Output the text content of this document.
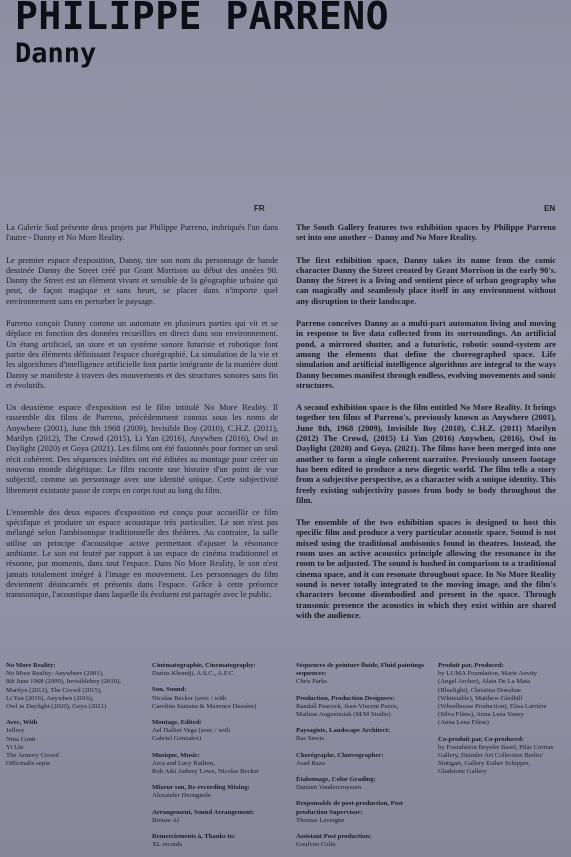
PHILIPPE PARRENO
Danny
FR	EN

La Galerie Sud présente deux projets par Philippe Parreno, imbriqués l'un dans l'autre - Danny et No More Reality.

Le premier espace d'exposition, Danny, tire son nom du personnage de bande dessinée Danny the Street créé par Grant Morrison au début des années 90. Danny the Street est un élément vivant et sensible de la géographie urbaine qui peut, de façon magique et sans heurt, se placer dans n'importe quel environnement sans en perturber le paysage.

Parreno conçoit Danny comme un automate en plusieurs parties qui vit et se déplace en fonction des données recueillies en direct dans son environnement. Un étang artificiel, un store et un système sonore futuriste et robotique font partie des éléments définissant l'espace chorégraphié. La simulation de la vie et les algorithmes d'intelligence artificielle font partie intégrante de la manière dont Danny se manifeste à travers des mouvements et des structures sonores sans fin et évolutifs.

Un deuxième espace d'exposition est le film intitulé No More Reality. Il rassemble dix films de Parreno, précédemment connus sous les noms de Anywhere (2001), June 8th 1968 (2009), Invisible Boy (2010), C.H.Z. (2011), Marilyn (2012), The Crowd (2015), Li Yan (2016), Anywhen (2016), Owl in Daylight (2020) et Goya (2021). Les films ont été fusionnés pour former un seul récit cohérent. Des séquences inédites ont été éditées au montage pour créer un nouveau monde diégétique. Le film raconte une histoire d'un point de vue subjectif, comme un personnage avec une identité unique. Cette subjectivité librement existante passe de corps en corps tout au long du film.

L'ensemble des deux espaces d'exposition est conçu pour accueillir ce film spécifique et produire un espace acoustique très particulier. Le son n'est pas mélangé selon l'ambisonique traditionnelle des théâtres. Au contraire, la salle utilise un principe d'acoustique active permettant d'ajuster la résonance ambiante. Le son est feutré par rapport à un espace de cinéma traditionnel et résonne, par moments, dans tout l'espace. Dans No More Reality, le son n'est jamais totalement intégré à l'image en mouvement. Les personnages du film deviennent désincarnés et présents dans l'espace. Grâce à cette présence transsonique, l'acoustique dans laquelle ils évoluent est partagée avec le public.

The South Gallery features two exhibition spaces by Philippe Parreno set into one another – Danny and No More Reality.

The first exhibition space, Danny takes its name from the comic character Danny the Street created by Grant Morrison in the early 90's. Danny the Street is a living and sentient piece of urban geography who can magically and seamlessly place itself in any environment without any disruption to their landscape.

Parreno conceives Danny as a multi-part automaton living and moving in response to live data collected from its surroundings. An artificial pond, a mirrored shutter, and a futuristic, robotic sound-system are among the elements that define the choreographed space. Life simulation and artificial intelligence algorithms are integral to the ways Danny becomes manifest through endless, evolving movements and sonic structures.

A second exhibition space is the film entitled No More Reality. It brings together ten films of Parreno's, previously known as Anywhere (2001), June 8th, 1968 (2009), Invisible Boy (2010), C.H.Z. (2011) Marilyn (2012) The Crowd, (2015) Li Yan (2016) Anywhen, (2016), Owl in Daylight (2020) and Goya, (2021). The films have been merged into one another to form a single coherent narrative. Previously unseen footage has been edited to produce a new diegetic world. The film tells a story from a subjective perspective, as a character with a unique identity. This freely existing subjectivity passes from body to body throughout the film.

The ensemble of the two exhibition spaces is designed to host this specific film and produce a very particular acoustic space. Sound is not mixed using the traditional ambisonics found in theatres. Instead, the room uses an active acoustics principle allowing the resonance in the room to be adjusted. The sound is hushed in comparison to a traditional cinema space, and it can resonate throughout space. In No More Reality sound is never totally integrated to the moving image, and the film's characters become disembodied and present in the space. Through transonic presence the acoustics in which they exist within are shared with the audience.

No More Reality:
No More Reality: Anywhere (2001),
8th June 1968 (2009), Invisibleboy (2010),
Marilyn (2012), The Crowd (2015),
Li Yan (2016), Anywhen (2016),
Owl in Daylight (2020), Goya (2021)
Avec, With
Jeffrey
Nina Conti
Yi Liu
The Armory Crowd
Officinalis sepia
Cinématographie, Cinematography:
Darius Khondji, A.S.C., A.F.C.
Son, Sound:
Nicolas Becker (avec / with
Carolina Santana & Maxence Dussère)
Montage, Edited:
Ael Dallier Vega (avec / with
Gabriel Gonzalez)
Musique, Music:
Arca and Lucy Railton,
Rob Aiki Aubrey Lowe, Nicolas Becker
Mixeur son, Re-recording Mixing:
Alexander Deongnole
Arrangement, Sound Arrangement:
Brouse Al
Remerciements à, Thanks to:
XL records
Séquences de peinture fluide, Fluid paintings sequences:
Chris Parks
Production, Production Designers:
Randall Peacock, Jean-Vincent Puzos,
Mathias Augustiniak (M/M Studio)
Paysagiste, Landscape Architect:
Bas Smets
Chorégraphe, Choreographer:
Asad Raza
Étalonnage, Color Grading:
Damien Vandercruyssen
Responsable de post-production, Post production Supervisor:
Thomas Lavergne
Assistant Post production:
Goulven Colin
Produit par, Produced:
by LUMA Foundation, Marie Auvity
(Angel Archer), Alain De La Mata
(Bluelight), Christina Donahue
(Whitetable), Matthew Gledhill
(Wheelhouse Production), Elisa Larrière
(Silva Films), Anna Lena Vaney
(Anna Lena Films)
Co-produit par, Co-produced:
by Foundation Beyeler Basel, Pilar Corrias
Gallery, Daimler Art Collection Berlin/
Stuttgart, Gallery Esther Schipper,
Gladstone Gallery
